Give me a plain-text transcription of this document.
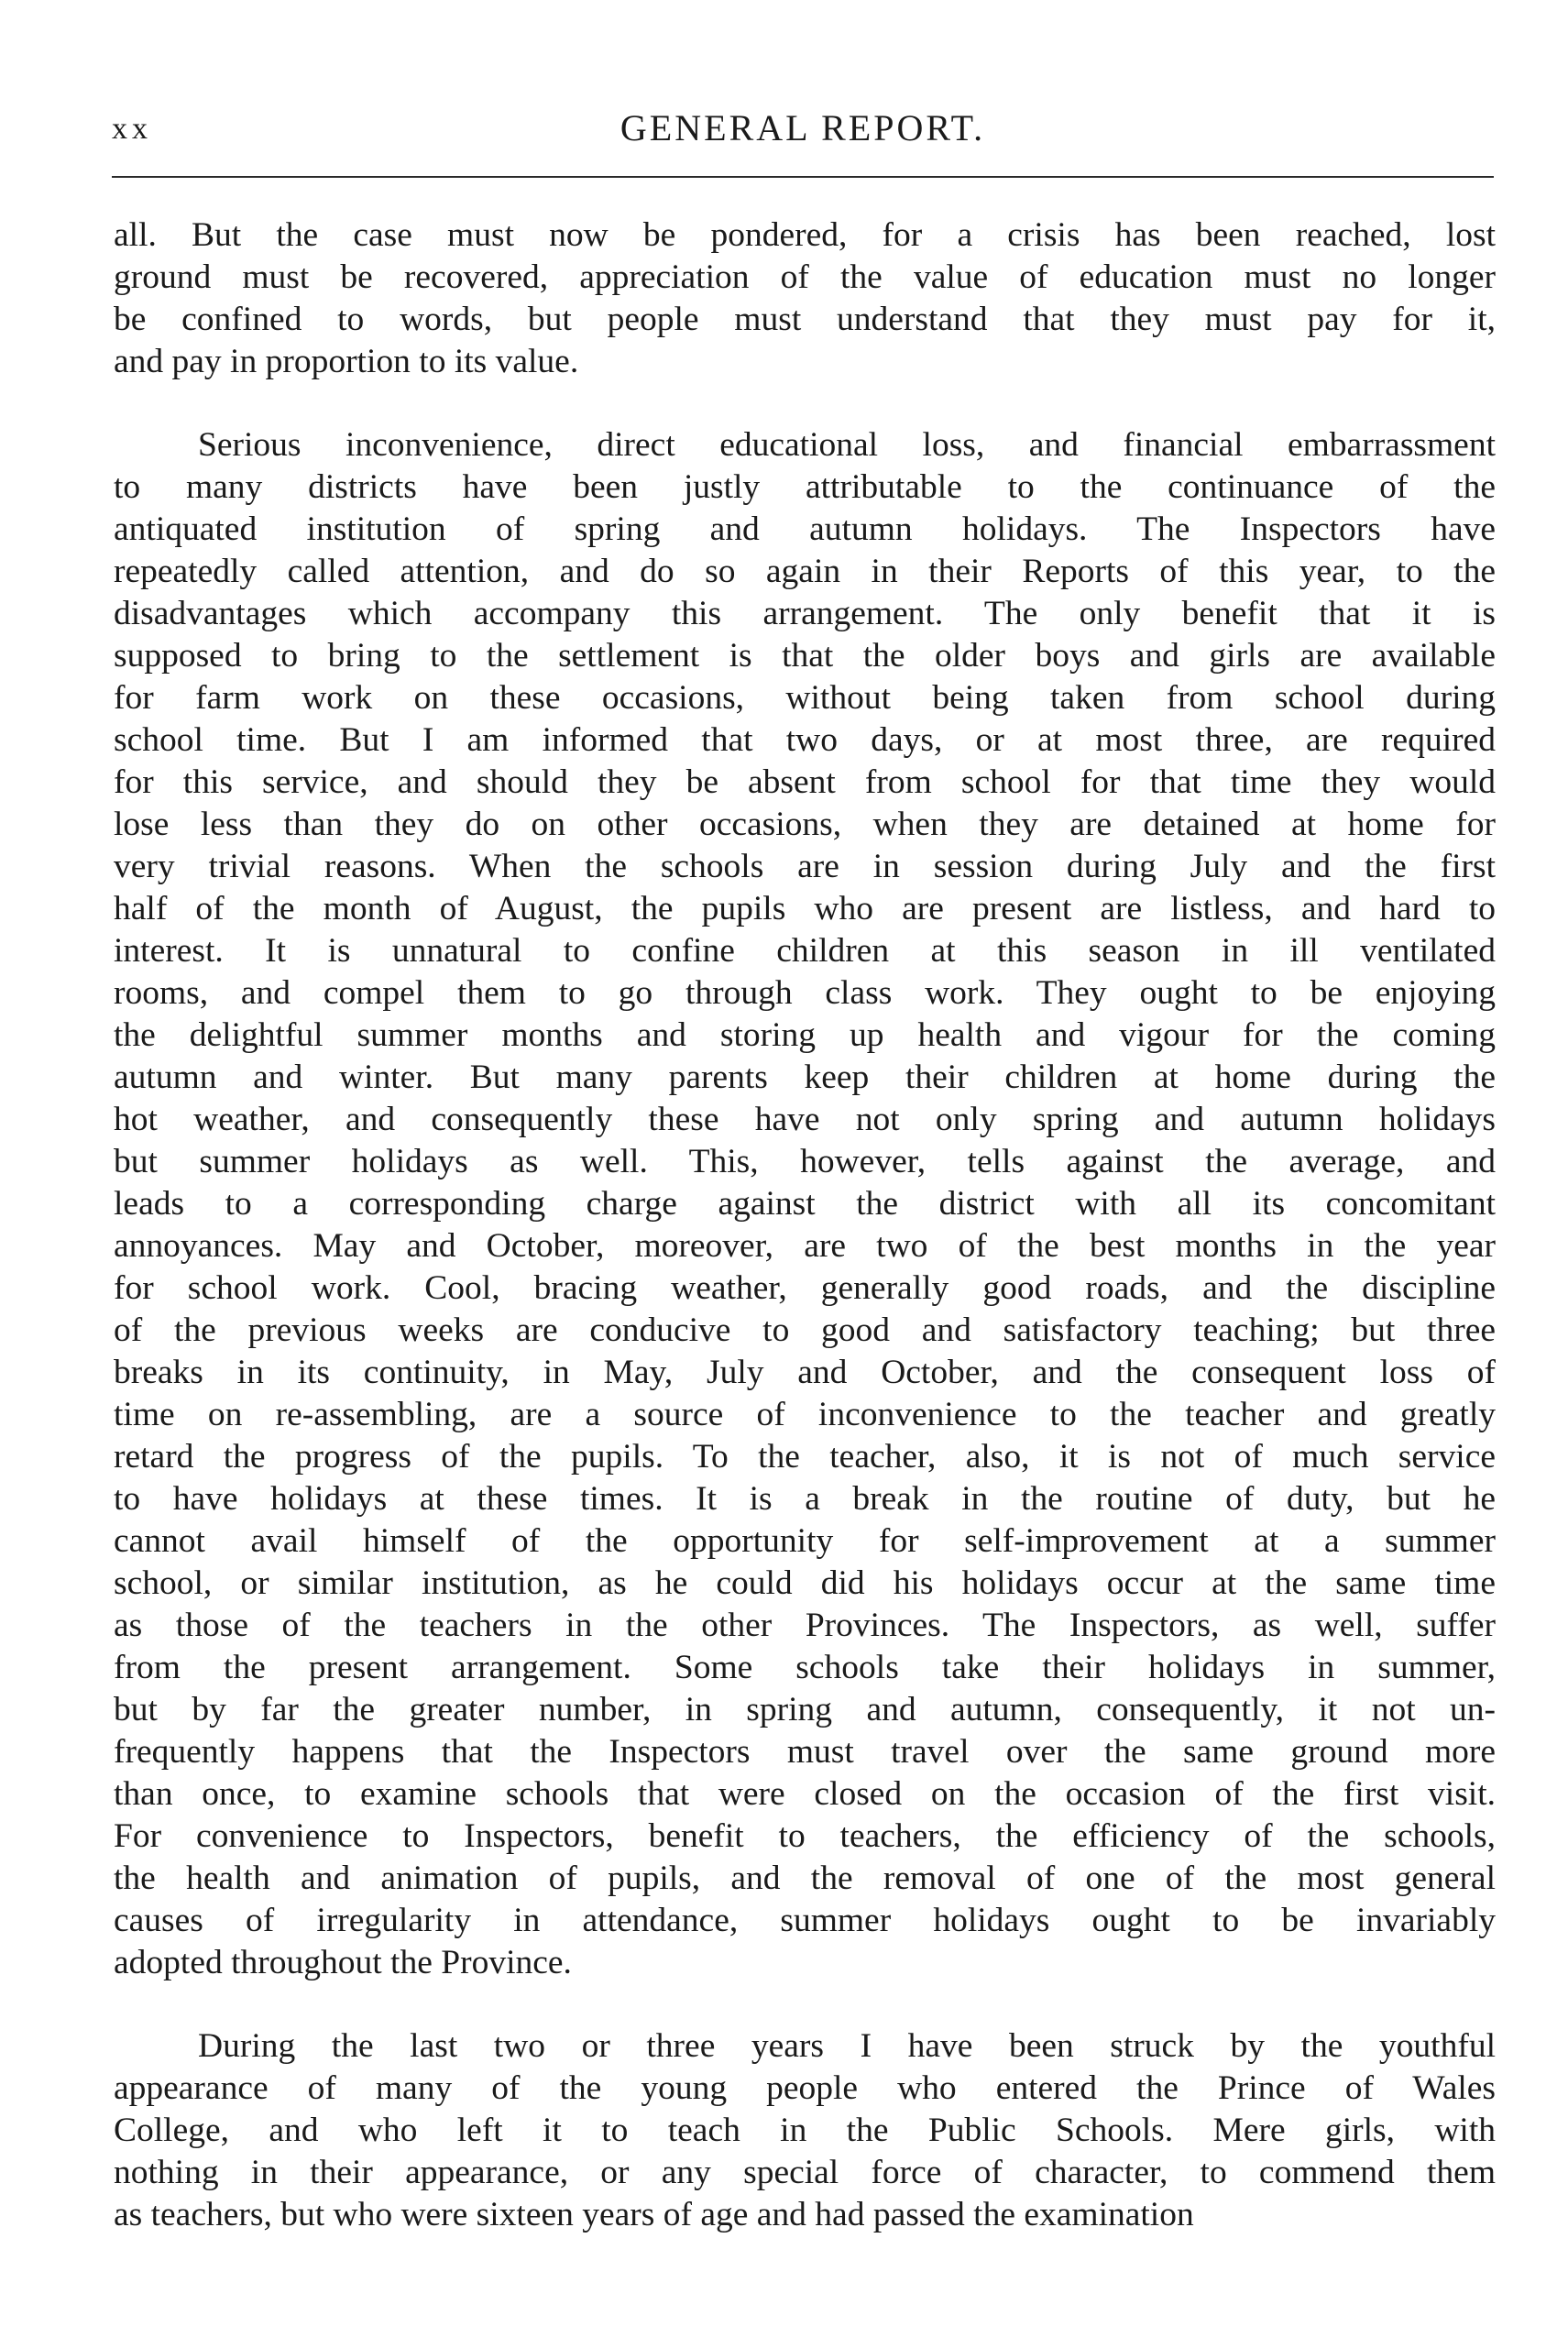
xx	GENERAL REPORT.
all. But the case must now be pondered, for a crisis has been reached, lost
ground must be recovered, appreciation of the value of education must no longer
be confined to words, but people must understand that they must pay for it,
and pay in proportion to its value.
Serious inconvenience, direct educational loss, and financial embarrassment
to many districts have been justly attributable to the continuance of the
antiquated institution of spring and autumn holidays. The Inspectors have
repeatedly called attention, and do so again in their Reports of this year, to the
disadvantages which accompany this arrangement. The only benefit that it is
supposed to bring to the settlement is that the older boys and girls are available
for farm work on these occasions, without being taken from school during
school time. But I am informed that two days, or at most three, are required
for this service, and should they be absent from school for that time they would
lose less than they do on other occasions, when they are detained at home for
very trivial reasons. When the schools are in session during July and the first
half of the month of August, the pupils who are present are listless, and hard to
interest. It is unnatural to confine children at this season in ill ventilated
rooms, and compel them to go through class work. They ought to be enjoying
the delightful summer months and storing up health and vigour for the coming
autumn and winter. But many parents keep their children at home during the
hot weather, and consequently these have not only spring and autumn holidays
but summer holidays as well. This, however, tells against the average, and
leads to a corresponding charge against the district with all its concomitant
annoyances. May and October, moreover, are two of the best months in the year
for school work. Cool, bracing weather, generally good roads, and the discipline
of the previous weeks are conducive to good and satisfactory teaching; but three
breaks in its continuity, in May, July and October, and the consequent loss of
time on re-assembling, are a source of inconvenience to the teacher and greatly
retard the progress of the pupils. To the teacher, also, it is not of much service
to have holidays at these times. It is a break in the routine of duty, but he
cannot avail himself of the opportunity for self-improvement at a summer
school, or similar institution, as he could did his holidays occur at the same time
as those of the teachers in the other Provinces. The Inspectors, as well, suffer
from the present arrangement. Some schools take their holidays in summer,
but by far the greater number, in spring and autumn, consequently, it not un-
frequently happens that the Inspectors must travel over the same ground more
than once, to examine schools that were closed on the occasion of the first visit.
For convenience to Inspectors, benefit to teachers, the efficiency of the schools,
the health and animation of pupils, and the removal of one of the most general
causes of irregularity in attendance, summer holidays ought to be invariably
adopted throughout the Province.
During the last two or three years I have been struck by the youthful
appearance of many of the young people who entered the Prince of Wales
College, and who left it to teach in the Public Schools. Mere girls, with
nothing in their appearance, or any special force of character, to commend them
as teachers, but who were sixteen years of age and had passed the examination
